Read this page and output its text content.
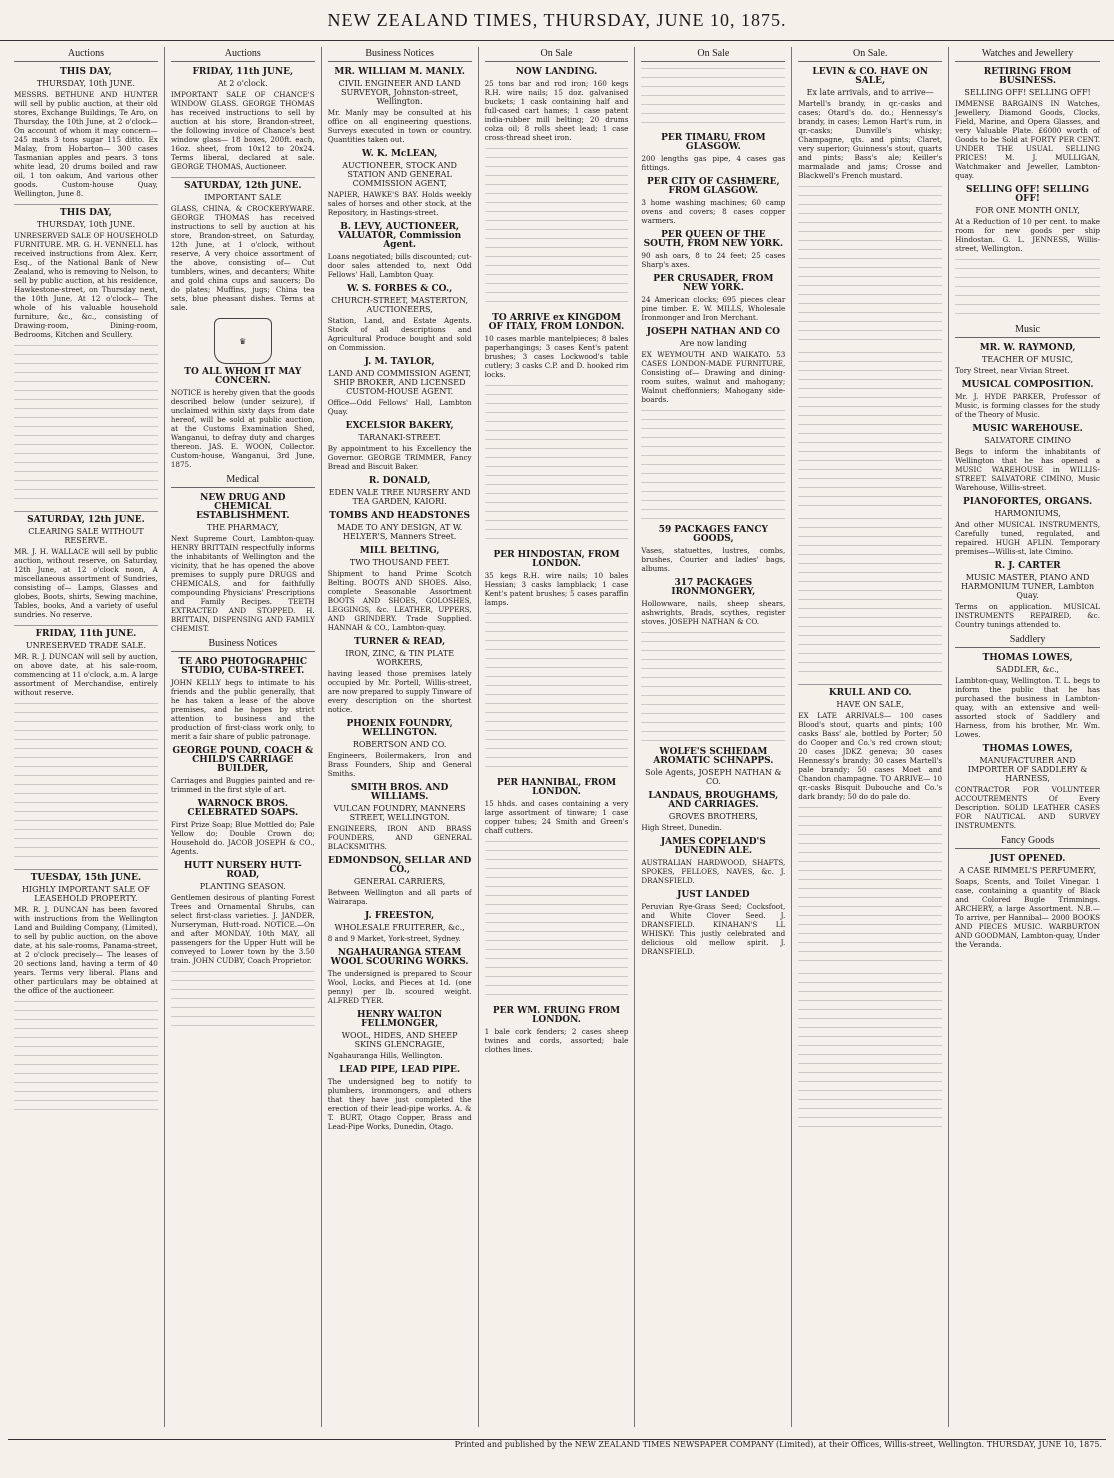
NEW ZEALAND TIMES, THURSDAY, JUNE 10, 1875.
Auctions
THIS DAY,
THURSDAY, 10th JUNE.
MESSRS. BETHUNE AND HUNTER will sell by public auction, at their old stores, Exchange Buildings, Te Aro, on Thursday, the 10th June, at 2 o'clock— On account of whom it may concern— 245 mats 3 tons sugar 115 ditto. Ex Malay, from Hobarton— 300 cases Tasmanian apples and pears. 3 tons white lead, 20 drums boiled and raw oil, 1 ton oakum, And various other goods. Custom-house Quay, Wellington, June 8.
THIS DAY,
THURSDAY, 10th JUNE.
UNRESERVED SALE OF HOUSEHOLD FURNITURE. MR. G. H. VENNELL has received instructions from Alex. Kerr, Esq., of the National Bank of New Zealand, who is removing to Nelson, to sell by public auction, at his residence, Hawkestone-street, on Thursday next, the 10th June, At 12 o'clock— The whole of his valuable household furniture, &c., &c., consisting of Drawing-room, Dining-room, Bedrooms, Kitchen and Scullery.
SATURDAY, 12th JUNE.
CLEARING SALE WITHOUT RESERVE.
MR. J. H. WALLACE will sell by public auction, without reserve, on Saturday, 12th June, at 12 o'clock noon, A miscellaneous assortment of Sundries, consisting of— Lamps, Glasses and globes, Boots, shirts, Sewing machine, Tables, books, And a variety of useful sundries. No reserve.
FRIDAY, 11th JUNE.
UNRESERVED TRADE SALE.
MR. R. J. DUNCAN will sell by auction, on above date, at his sale-room, commencing at 11 o'clock, a.m. A large assortment of Merchandise, entirely without reserve.
TUESDAY, 15th JUNE.
HIGHLY IMPORTANT SALE OF LEASEHOLD PROPERTY.
MR. R. J. DUNCAN has been favored with instructions from the Wellington Land and Building Company, (Limited), to sell by public auction, on the above date, at his sale-rooms, Panama-street, at 2 o'clock precisely— The leases of 20 sections land, having a term of 40 years. Terms very liberal. Plans and other particulars may be obtained at the office of the auctioneer.
Auctions
FRIDAY, 11th JUNE,
At 2 o'clock.
IMPORTANT SALE OF CHANCE'S WINDOW GLASS. GEORGE THOMAS has received instructions to sell by auction at his store, Brandon-street, the following invoice of Chance's best window glass— 18 boxes, 200ft. each, 16oz. sheet, from 10x12 to 20x24. Terms liberal, declared at sale. GEORGE THOMAS, Auctioneer.
SATURDAY, 12th JUNE.
IMPORTANT SALE
GLASS, CHINA, & CROCKERYWARE. GEORGE THOMAS has received instructions to sell by auction at his store, Brandon-street, on Saturday, 12th June, at 1 o'clock, without reserve, A very choice assortment of the above, consisting of— Cut tumblers, wines, and decanters; White and gold china cups and saucers; Do do plates; Muffins, jugs; China tea sets, blue pheasant dishes. Terms at sale.
♛
TO ALL WHOM IT MAY CONCERN.
NOTICE is hereby given that the goods described below (under seizure), if unclaimed within sixty days from date hereof, will be sold at public auction, at the Customs Examination Shed, Wanganui, to defray duty and charges thereon. JAS. E. WOON, Collector. Custom-house, Wanganui, 3rd June, 1875.
Medical
NEW DRUG AND CHEMICAL ESTABLISHMENT.
THE PHARMACY,
Next Supreme Court, Lambton-quay. HENRY BRITTAIN respectfully informs the inhabitants of Wellington and the vicinity, that he has opened the above premises to supply pure DRUGS and CHEMICALS, and for faithfully compounding Physicians' Prescriptions and Family Recipes. TEETH EXTRACTED AND STOPPED. H. BRITTAIN, DISPENSING AND FAMILY CHEMIST.
Business Notices
TE ARO PHOTOGRAPHIC STUDIO, CUBA-STREET.
JOHN KELLY begs to intimate to his friends and the public generally, that he has taken a lease of the above premises, and he hopes by strict attention to business and the production of first-class work only, to merit a fair share of public patronage.
GEORGE POUND, COACH & CHILD'S CARRIAGE BUILDER,
Carriages and Buggies painted and re-trimmed in the first style of art.
WARNOCK BROS. CELEBRATED SOAPS.
First Prize Soap; Blue Mottled do; Pale Yellow do; Double Crown do; Household do. JACOB JOSEPH & CO., Agents.
HUTT NURSERY HUTT-ROAD,
PLANTING SEASON.
Gentlemen desirous of planting Forest Trees and Ornamental Shrubs, can select first-class varieties. J. JANDER, Nurseryman, Hutt-road. NOTICE.—On and after MONDAY, 10th MAY, all passengers for the Upper Hutt will be conveyed to Lower town by the 3.50 train. JOHN CUDBY, Coach Proprietor.
Business Notices
MR. WILLIAM M. MANLY.
CIVIL ENGINEER AND LAND SURVEYOR, Johnston-street, Wellington.
Mr. Manly may be consulted at his office on all engineering questions. Surveys executed in town or country. Quantities taken out.
W. K. McLEAN,
AUCTIONEER, STOCK AND STATION AND GENERAL COMMISSION AGENT,
NAPIER, HAWKE'S BAY. Holds weekly sales of horses and other stock, at the Repository, in Hastings-street.
B. LEVY, AUCTIONEER, VALUATOR, Commission Agent.
Loans negotiated; bills discounted; cut-door sales attended to, next Odd Fellows' Hall, Lambton Quay.
W. S. FORBES & CO.,
CHURCH-STREET, MASTERTON, AUCTIONEERS,
Station, Land, and Estate Agents. Stock of all descriptions and Agricultural Produce bought and sold on Commission.
J. M. TAYLOR,
LAND AND COMMISSION AGENT, SHIP BROKER, AND LICENSED CUSTOM-HOUSE AGENT.
Office—Odd Fellows' Hall, Lambton Quay.
EXCELSIOR BAKERY,
TARANAKI-STREET.
By appointment to his Excellency the Governor. GEORGE TRIMMER, Fancy Bread and Biscuit Baker.
R. DONALD,
EDEN VALE TREE NURSERY AND TEA GARDEN, KAIORI.
TOMBS AND HEADSTONES
MADE TO ANY DESIGN, AT W. HELYER'S, Manners Street.
MILL BELTING,
TWO THOUSAND FEET.
Shipment to hand Prime Scotch Belting. BOOTS AND SHOES. Also, complete Seasonable Assortment BOOTS AND SHOES, GOLOSHES, LEGGINGS, &c. LEATHER, UPPERS, AND GRINDERY. Trade Supplied. HANNAH & CO., Lambton-quay.
TURNER & READ,
IRON, ZINC, & TIN PLATE WORKERS,
having leased those premises lately occupied by Mr. Portell, Willis-street, are now prepared to supply Tinware of every description on the shortest notice.
PHOENIX FOUNDRY, WELLINGTON.
ROBERTSON AND CO.
Engineers, Boilermakers, Iron and Brass Founders, Ship and General Smiths.
SMITH BROS. AND WILLIAMS.
VULCAN FOUNDRY, MANNERS STREET, WELLINGTON.
ENGINEERS, IRON AND BRASS FOUNDERS, AND GENERAL BLACKSMITHS.
EDMONDSON, SELLAR AND CO.,
GENERAL CARRIERS,
Between Wellington and all parts of Wairarapa.
J. FREESTON,
WHOLESALE FRUITERER, &c.,
8 and 9 Market, York-street, Sydney.
NGAHAURANGA STEAM WOOL SCOURING WORKS.
The undersigned is prepared to Scour Wool, Locks, and Pieces at 1d. (one penny) per lb. scoured weight. ALFRED TYER.
HENRY WALTON FELLMONGER,
WOOL, HIDES, AND SHEEP SKINS GLENCRAGIE,
Ngahauranga Hills, Wellington.
LEAD PIPE, LEAD PIPE.
The undersigned beg to notify to plumbers, ironmongers, and others that they have just completed the erection of their lead-pipe works. A. & T. BURT, Otago Copper, Brass and Lead-Pipe Works, Dunedin, Otago.
On Sale
NOW LANDING.
25 tons bar and rod iron; 160 kegs R.H. wire nails; 15 doz. galvanised buckets; 1 cask containing half and full-cased cart hames; 1 case patent india-rubber mill belting; 20 drums colza oil; 8 rolls sheet lead; 1 case cross-thread sheet iron.
TO ARRIVE ex KINGDOM OF ITALY, FROM LONDON.
10 cases marble mantelpieces; 8 bales paperhangings; 3 cases Kent's patent brushes; 3 cases Lockwood's table cutlery; 3 casks C.P. and D. hooked rim locks.
PER HINDOSTAN, FROM LONDON.
35 kegs R.H. wire nails; 10 bales Hessian; 3 casks lampblack; 1 case Kent's patent brushes; 5 cases paraffin lamps.
PER HANNIBAL, FROM LONDON.
15 hhds. and cases containing a very large assortment of tinware; 1 case copper tubes; 24 Smith and Green's chaff cutters.
PER WM. FRUING FROM LONDON.
1 bale cork fenders; 2 cases sheep twines and cords, assorted; bale clothes lines.
On Sale
PER TIMARU, FROM GLASGOW.
200 lengths gas pipe, 4 cases gas fittings.
PER CITY OF CASHMERE, FROM GLASGOW.
3 home washing machines; 60 camp ovens and covers; 8 cases copper warmers.
PER QUEEN OF THE SOUTH, FROM NEW YORK.
90 ash oars, 8 to 24 feet; 25 cases Sharp's axes.
PER CRUSADER, FROM NEW YORK.
24 American clocks; 695 pieces clear pine timber. E. W. MILLS, Wholesale Ironmonger and Iron Merchant.
JOSEPH NATHAN AND CO
Are now landing
EX WEYMOUTH AND WAIKATO. 53 CASES LONDON-MADE FURNITURE, Consisting of— Drawing and dining-room suites, walnut and mahogany; Walnut cheffonniers; Mahogany side-boards.
59 PACKAGES FANCY GOODS,
Vases, statuettes, lustres, combs, brushes, Courier and ladies' bags, albums.
317 PACKAGES IRONMONGERY,
Hollowware, nails, sheep shears, ashwrights, Brads, scythes, register stoves. JOSEPH NATHAN & CO.
WOLFE'S SCHIEDAM AROMATIC SCHNAPPS.
Sole Agents, JOSEPH NATHAN & CO.
LANDAUS, BROUGHAMS, AND CARRIAGES.
GROVES BROTHERS,
High Street, Dunedin.
JAMES COPELAND'S DUNEDIN ALE.
AUSTRALIAN HARDWOOD, SHAFTS, SPOKES, FELLOES, NAVES, &c. J. DRANSFIELD.
JUST LANDED
Peruvian Rye-Grass Seed; Cocksfoot, and White Clover Seed. J. DRANSFIELD. KINAHAN'S LL WHISKY: This justly celebrated and delicious old mellow spirit. J. DRANSFIELD.
On Sale.
LEVIN & CO. HAVE ON SALE,
Ex late arrivals, and to arrive—
Martell's brandy, in qr.-casks and cases; Otard's do. do.; Hennessy's brandy, in cases; Lemon Hart's rum, in qr.-casks; Dunville's whisky; Champagne, qts. and pints; Claret, very superior; Guinness's stout, quarts and pints; Bass's ale; Keiller's marmalade and jams; Crosse and Blackwell's French mustard.
KRULL AND CO.
HAVE ON SALE,
EX LATE ARRIVALS— 100 cases Blood's stout, quarts and pints; 100 casks Bass' ale, bottled by Porter; 50 do Cooper and Co.'s red crown stout; 20 cases JDKZ geneva; 30 cases Hennessy's brandy; 30 cases Martell's pale brandy; 50 cases Moet and Chandon champagne. TO ARRIVE— 10 qr.-casks Bisquit Dubouche and Co.'s dark brandy; 50 do do pale do.
Watches and Jewellery
RETIRING FROM BUSINESS.
SELLING OFF! SELLING OFF!
IMMENSE BARGAINS IN Watches, Jewellery, Diamond Goods, Clocks, Field, Marine, and Opera Glasses, and very Valuable Plate. £6000 worth of Goods to be Sold at FORTY PER CENT. UNDER THE USUAL SELLING PRICES! M. J. MULLIGAN, Watchmaker and Jeweller, Lambton-quay.
SELLING OFF! SELLING OFF!
FOR ONE MONTH ONLY,
At a Reduction of 10 per cent. to make room for new goods per ship Hindostan. G. L. JENNESS, Willis-street, Wellington.
Music
MR. W. RAYMOND,
TEACHER OF MUSIC,
Tory Street, near Vivian Street.
MUSICAL COMPOSITION.
Mr. J. HYDE PARKER, Professor of Music, is forming classes for the study of the Theory of Music.
MUSIC WAREHOUSE.
SALVATORE CIMINO
Begs to inform the inhabitants of Wellington that he has opened a MUSIC WAREHOUSE in WILLIS-STREET. SALVATORE CIMINO, Music Warehouse, Willis-street.
PIANOFORTES, ORGANS.
HARMONIUMS,
And other MUSICAL INSTRUMENTS, Carefully tuned, regulated, and repaired. HUGH AFLIN. Temporary premises—Willis-st, late Cimino.
R. J. CARTER
MUSIC MASTER, PIANO AND HARMONIUM TUNER, Lambton Quay.
Terms on application. MUSICAL INSTRUMENTS REPAIRED, &c. Country tunings attended to.
Saddlery
THOMAS LOWES,
SADDLER, &c.,
Lambton-quay, Wellington. T. L. begs to inform the public that he has purchased the business in Lambton-quay, with an extensive and well-assorted stock of Saddlery and Harness, from his brother, Mr. Wm. Lowes.
THOMAS LOWES,
MANUFACTURER AND IMPORTER OF SADDLERY & HARNESS,
CONTRACTOR FOR VOLUNTEER ACCOUTREMENTS Of Every Description. SOLID LEATHER CASES FOR NAUTICAL AND SURVEY INSTRUMENTS.
Fancy Goods
JUST OPENED.
A CASE RIMMEL'S PERFUMERY,
Soaps, Scents, and Toilet Vinegar. 1 case, containing a quantity of Black and Colored Bugle Trimmings. ARCHERY, a large Assortment. N.B.—To arrive, per Hannibal— 2000 BOOKS AND PIECES MUSIC. WARBURTON AND GOODMAN, Lambton-quay, Under the Veranda.
Printed and published by the NEW ZEALAND TIMES NEWSPAPER COMPANY (Limited), at their Offices, Willis-street, Wellington. THURSDAY, JUNE 10, 1875.
